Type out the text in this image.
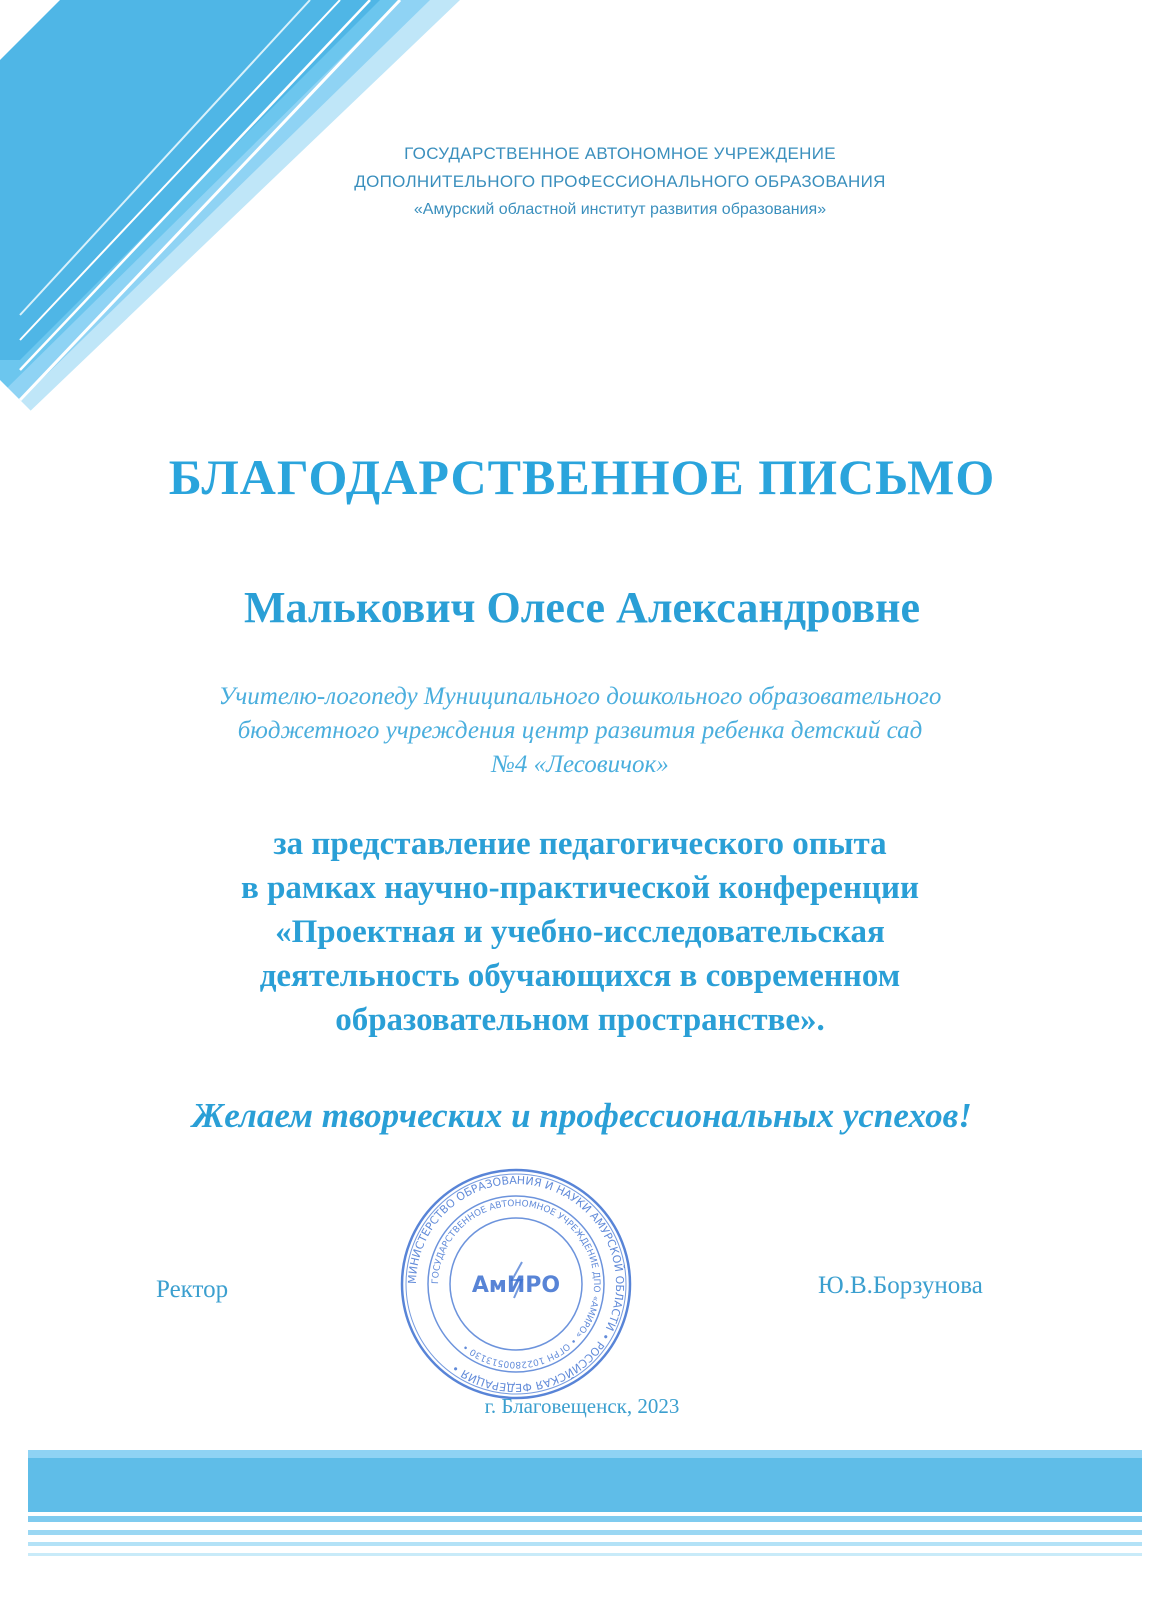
ГОСУДАРСТВЕННОЕ АВТОНОМНОЕ УЧРЕЖДЕНИЕ
ДОПОЛНИТЕЛЬНОГО ПРОФЕССИОНАЛЬНОГО ОБРАЗОВАНИЯ
«Амурский областной институт развития образования»
БЛАГОДАРСТВЕННОЕ ПИСЬМО
Малькович Олесе Александровне
Учителю-логопеду Муниципального дошкольного образовательного
бюджетного учреждения центр развития ребенка детский сад
№4 «Лесовичок»
за представление педагогического опыта
в рамках научно-практической конференции
«Проектная и учебно-исследовательская
деятельность обучающихся в современном
образовательном пространстве».
Желаем творческих и профессиональных успехов!
Ректор	Ю.В.Борзунова
МИНИСТЕРСТВО ОБРАЗОВАНИЯ И НАУКИ АМУРСКОЙ ОБЛАСТИ • РОССИЙСКАЯ ФЕДЕРАЦИЯ •
ГОСУДАРСТВЕННОЕ АВТОНОМНОЕ УЧРЕЖДЕНИЕ ДПО «АМИРО» • ОГРН 1022800513130 •
АмИРО
г. Благовещенск, 2023
